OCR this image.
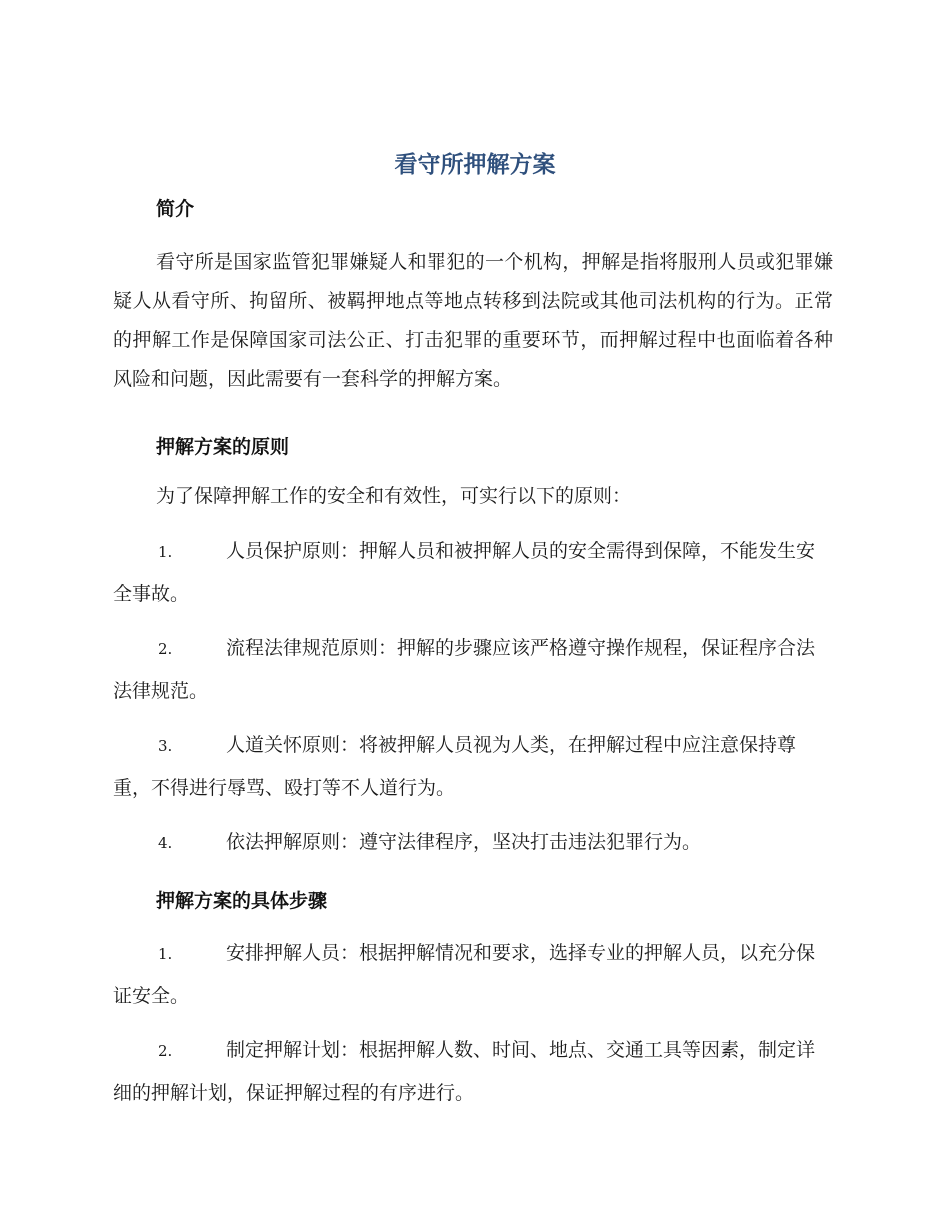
看守所押解方案
简介

看守所是国家监管犯罪嫌疑人和罪犯的一个机构，押解是指将服刑人员或犯罪嫌疑人从看守所、拘留所、被羁押地点等地点转移到法院或其他司法机构的行为。正常的押解工作是保障国家司法公正、打击犯罪的重要环节，而押解过程中也面临着各种风险和问题，因此需要有一套科学的押解方案。

押解方案的原则

为了保障押解工作的安全和有效性，可实行以下的原则：

1.	人员保护原则：押解人员和被押解人员的安全需得到保障，不能发生安全事故。

2.	流程法律规范原则：押解的步骤应该严格遵守操作规程，保证程序合法法律规范。

3.	人道关怀原则：将被押解人员视为人类，在押解过程中应注意保持尊重，不得进行辱骂、殴打等不人道行为。

4.	依法押解原则：遵守法律程序，坚决打击违法犯罪行为。

押解方案的具体步骤

1.	安排押解人员：根据押解情况和要求，选择专业的押解人员，以充分保证安全。

2.	制定押解计划：根据押解人数、时间、地点、交通工具等因素，制定详细的押解计划，保证押解过程的有序进行。
